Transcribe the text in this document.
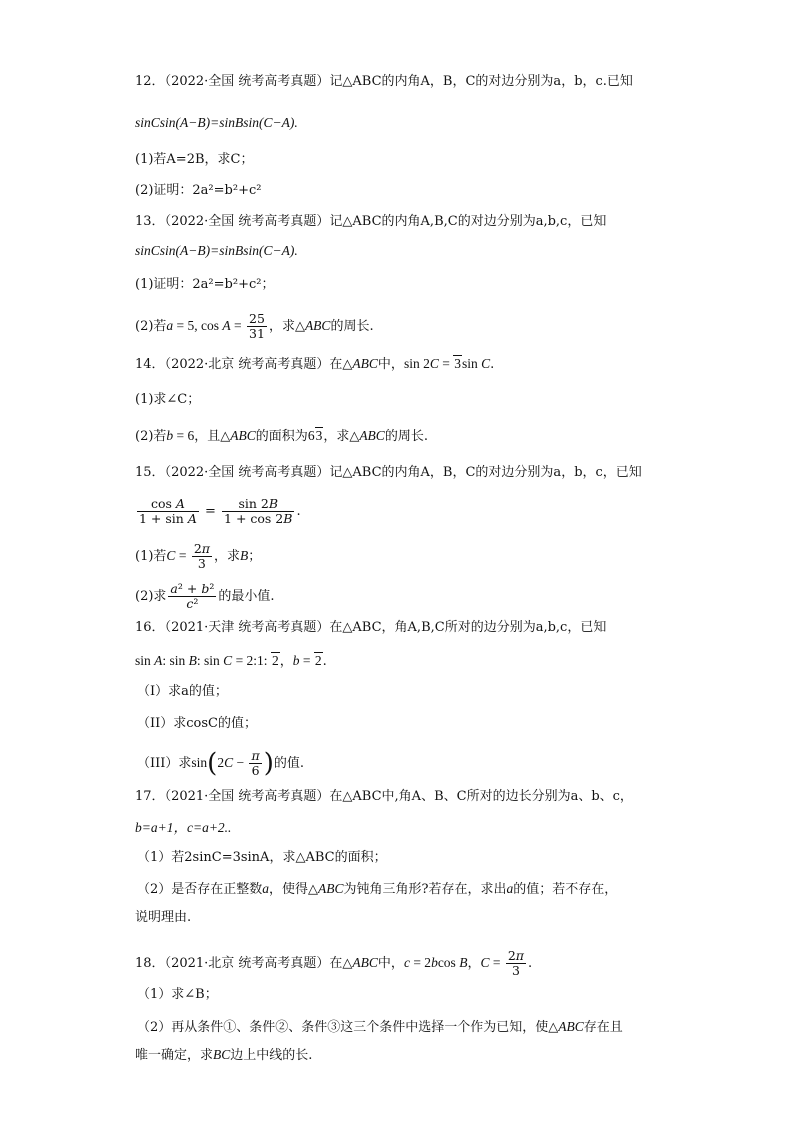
12．（2022·全国 统考高考真题）记△ABC的内角A，B，C的对边分别为a，b，c.已知
sinCsin(A−B)=sinBsin(C−A).
(1)若A=2B，求C；
(2)证明：2a²=b²+c²
13．（2022·全国 统考高考真题）记△ABC的内角A,B,C的对边分别为a,b,c，已知
sinCsin(A−B)=sinBsin(C−A).
(1)证明：2a²=b²+c²；
(2)若a = 5, $\cos A = \frac{25}{31}$ ，求△ABC的周长.
14．（2022·北京 统考高考真题）在△ABC中，sin 2C = 3sin C.
(1)求∠C；
(2)若b = 6，且△ABC的面积为63，求△ABC的周长.
15．（2022·全国 统考高考真题）记△ABC的内角A，B，C的对边分别为a，b，c，已知
$\frac{\text{cos A}}{\text{1 + sin A}} = \frac{\sin 2B}{1 + \cos 2B}$ .
(1)若$C = \frac{2\pi}{3}$ ，求B；
(2)求 $\frac{\text{a² + b²}}{\text{c²}}$ 的最小值.
16．（2021·天津 统考高考真题）在△ABC，角A,B,C所对的边分别为a,b,c，已知
sin A: sin B: sin C = 2:1: 2，b = 2.
（I）求a的值；
（II）求cosC的值；
（III）求$\sin(2C - \frac{\pi}{6}$ )的值.
17．（2021·全国 统考高考真题）在△ABC中,角A、B、C所对的边长分别为a、b、c，
b=a+1，c=a+2..
（1）若2sinC=3sinA，求△ABC的面积；
（2）是否存在正整数a，使得△ABC为钝角三角形?若存在，求出a的值；若不存在，
说明理由.
18．（2021·北京 统考高考真题）在△ABC中，c = 2bcos B，$C = \frac{2\pi}{3}$ .
（1）求∠B；
（2）再从条件①、条件②、条件③这三个条件中选择一个作为已知，使△ABC存在且
唯一确定，求BC边上中线的长.
